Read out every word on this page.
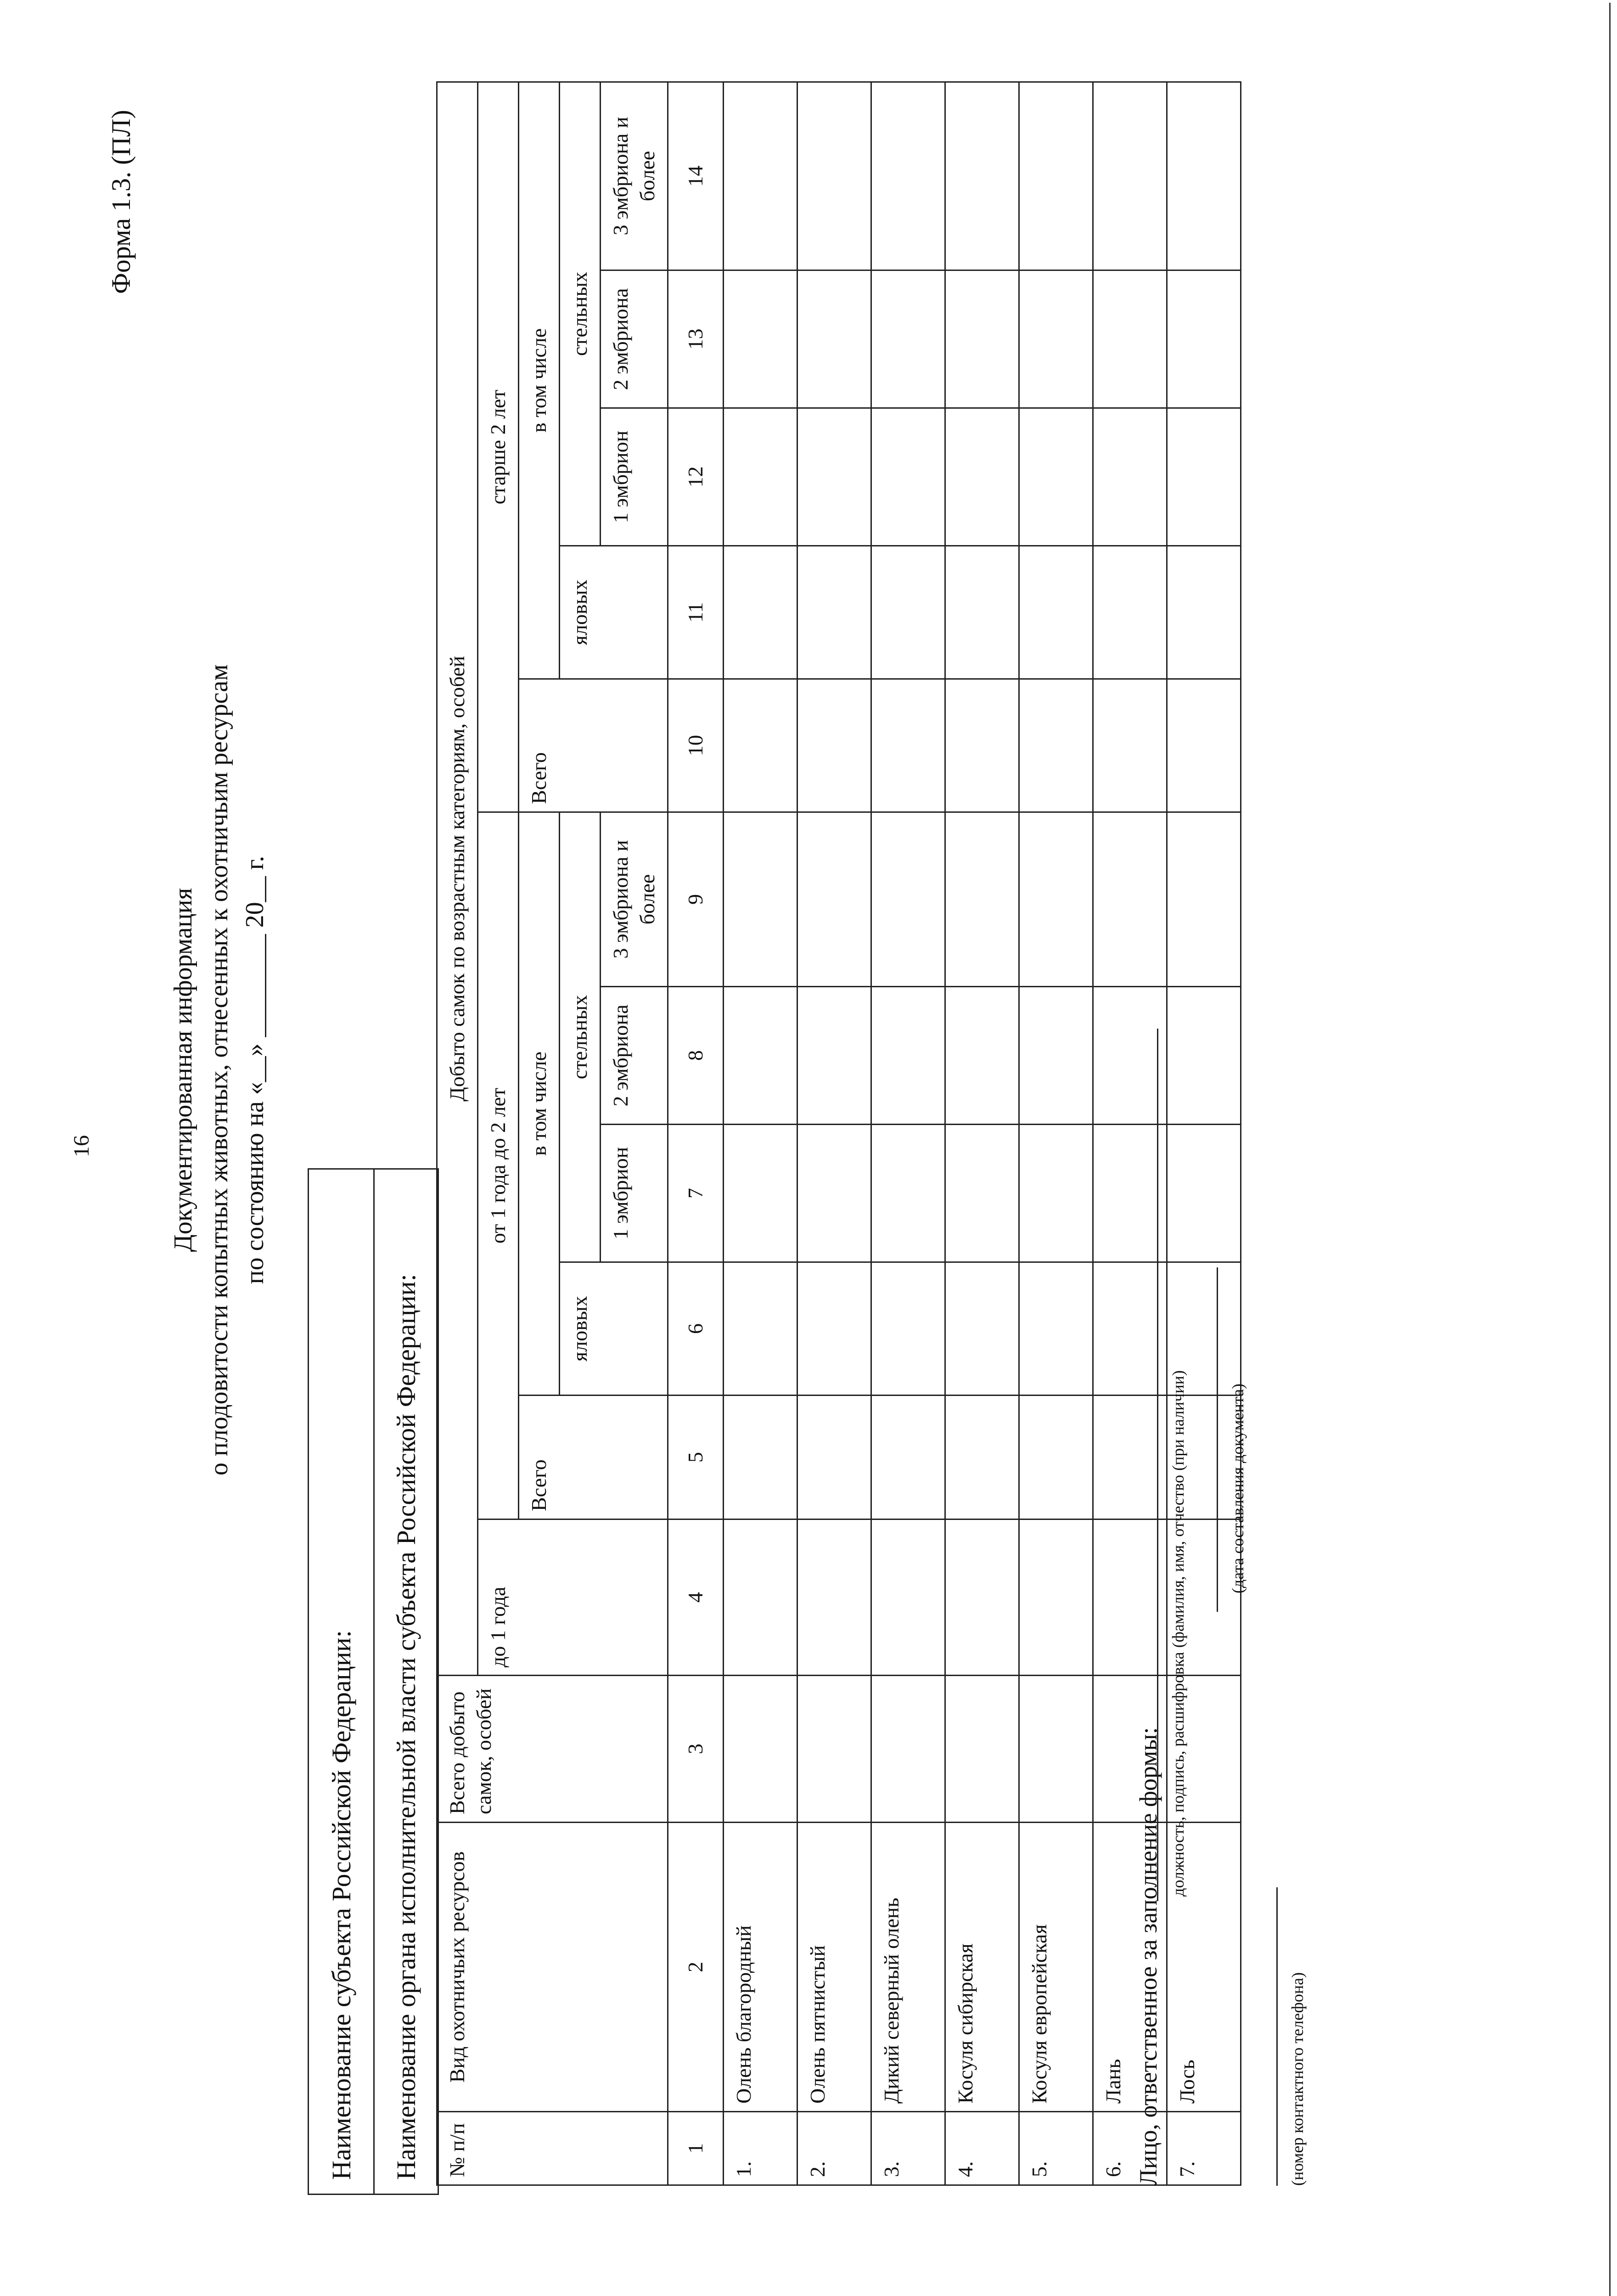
16
Форма 1.3. (ПЛ)
Документированная информация о плодовитости копытных животных, отнесенных к охотничьим ресурсам по состоянию на «__» ________ 20__ г.
Наименование субъекта Российской Федерации:	Наименование органа исполнительной власти субъекта Российской Федерации:	№ п/п	Вид охотничьих ресурсов	Всего добыто самок, особей	Добыто самок по возрастным категориям, особей										
			до 1 года	от 1 года до 2 лет					старше 2 лет				
				Всего	в том числе				Всего	в том числе			
					яловых	стельных				яловых	стельных		
						1 эмбрион	2 эмбриона	3 эмбриона и более			1 эмбрион	2 эмбриона	3 эмбриона и более
1	2	3	4	5	6	7	8	9	10	11	12	13	14
1.	Олень благородный												
2.	Олень пятнистый												
3.	Дикий северный олень												
4.	Косуля сибирская												
5.	Косуля европейская												
6.	Лань												
7.	Лось												
Лицо, ответственное за заполнение формы:
должность, подпись, расшифровка (фамилия, имя, отчество (при наличии)	(дата составления документа)
(номер контактного телефона)
